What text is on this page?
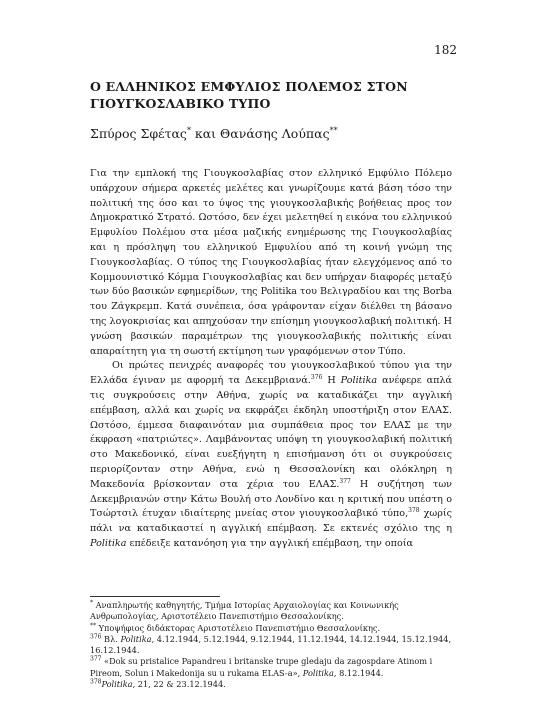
182
Ο ΕΛΛΗΝΙΚΟΣ ΕΜΦΥΛΙΟΣ ΠΟΛΕΜΟΣ ΣΤΟΝ ΓΙΟΥΓΚΟΣΛΑΒΙΚΟ ΤΥΠΟ
Σπύρος Σφέτας* και Θανάσης Λούπας**

Για την εμπλοκή της Γιουγκοσλαβίας στον ελληνικό Εμφύλιο Πόλεμο υπάρχουν σήμερα αρκετές μελέτες και γνωρίζουμε κατά βάση τόσο την πολιτική της όσο και το ύψος της γιουγκοσλαβικής βοήθειας προς τον Δημοκρατικό Στρατό. Ωστόσο, δεν έχει μελετηθεί η εικόνα του ελληνικού Εμφυλίου Πολέμου στα μέσα μαζικής ενημέρωσης της Γιουγκοσλαβίας και η πρόσληψη του ελληνικού Εμφυλίου από τη κοινή γνώμη της Γιουγκοσλαβίας. Ο τύπος της Γιουγκοσλαβίας ήταν ελεγχόμενος από το Κομμουνιστικό Κόμμα Γιουγκοσλαβίας και δεν υπήρχαν διαφορές μεταξύ των δύο βασικών εφημερίδων, της Politika του Βελιγραδίου και της Borba του Ζάγκρεμπ. Κατά συνέπεια, όσα γράφονταν είχαν διέλθει τη βάσανο της λογοκρισίας και απηχούσαν την επίσημη γιουγκοσλαβική πολιτική. Η γνώση βασικών παραμέτρων της γιουγκοσλαβικής πολιτικής είναι απαραίτητη για τη σωστή εκτίμηση των γραφόμενων στον Τύπο.

Οι πρώτες πενιχρές αναφορές του γιουγκοσλαβικού τύπου για την Ελλάδα έγιναν με αφορμή τα Δεκεμβριανά.$^{376}$ Η Politika ανέφερε απλά τις συγκρούσεις στην Αθήνα, χωρίς να καταδικάζει την αγγλική επέμβαση, αλλά και χωρίς να εκφράζει έκδηλη υποστήριξη στον ΕΛΑΣ. Ωστόσο, έμμεσα διαφαινόταν μια συμπάθεια προς τον ΕΛΑΣ με την έκφραση «πατριώτες». Λαμβάνοντας υπόψη τη γιουγκοσλαβική πολιτική στο Μακεδονικό, είναι ευεξήγητη η επισήμανση ότι οι συγκρούσεις περιορίζονταν στην Αθήνα, ενώ η Θεσσαλονίκη και ολόκληρη η Μακεδονία βρίσκονταν στα χέρια του ΕΛΑΣ.$^{377}$ Η συζήτηση των Δεκεμβριανών στην Κάτω Βουλή στο Λονδίνο και η κριτική που υπέστη ο Τσώρτσιλ έτυχαν ιδιαίτερης μνείας στον γιουγκοσλαβικό τύπο,$^{378}$ χωρίς πάλι να καταδικαστεί η αγγλική επέμβαση. Σε εκτενές σχόλιο της η Politika επέδειξε κατανόηση για την αγγλική επέμβαση, την οποία

* Αναπληρωτής καθηγητής, Τμήμα Ιστορίας Αρχαιολογίας και Κοινωνικής Ανθρωπολογίας, Αριστοτέλειο Πανεπιστήμιο Θεσσαλονίκης.

** Υποψήφιος διδάκτορας Αριστοτέλειο Πανεπιστήμιο Θεσσαλονίκης.

$^{376}$ Βλ. Politika, 4.12.1944, 5.12.1944, 9.12.1944, 11.12.1944, 14.12.1944, 15.12.1944, 16.12.1944.

$^{377}$ «Dok su pristalice Papandreu i britanske trupe gledaju da zagospdare Atinom i Pireom, Solun i Makedonija su u rukama ELAS-a», Politika, 8.12.1944.

$^{378}$Politika, 21, 22 & 23.12.1944.
